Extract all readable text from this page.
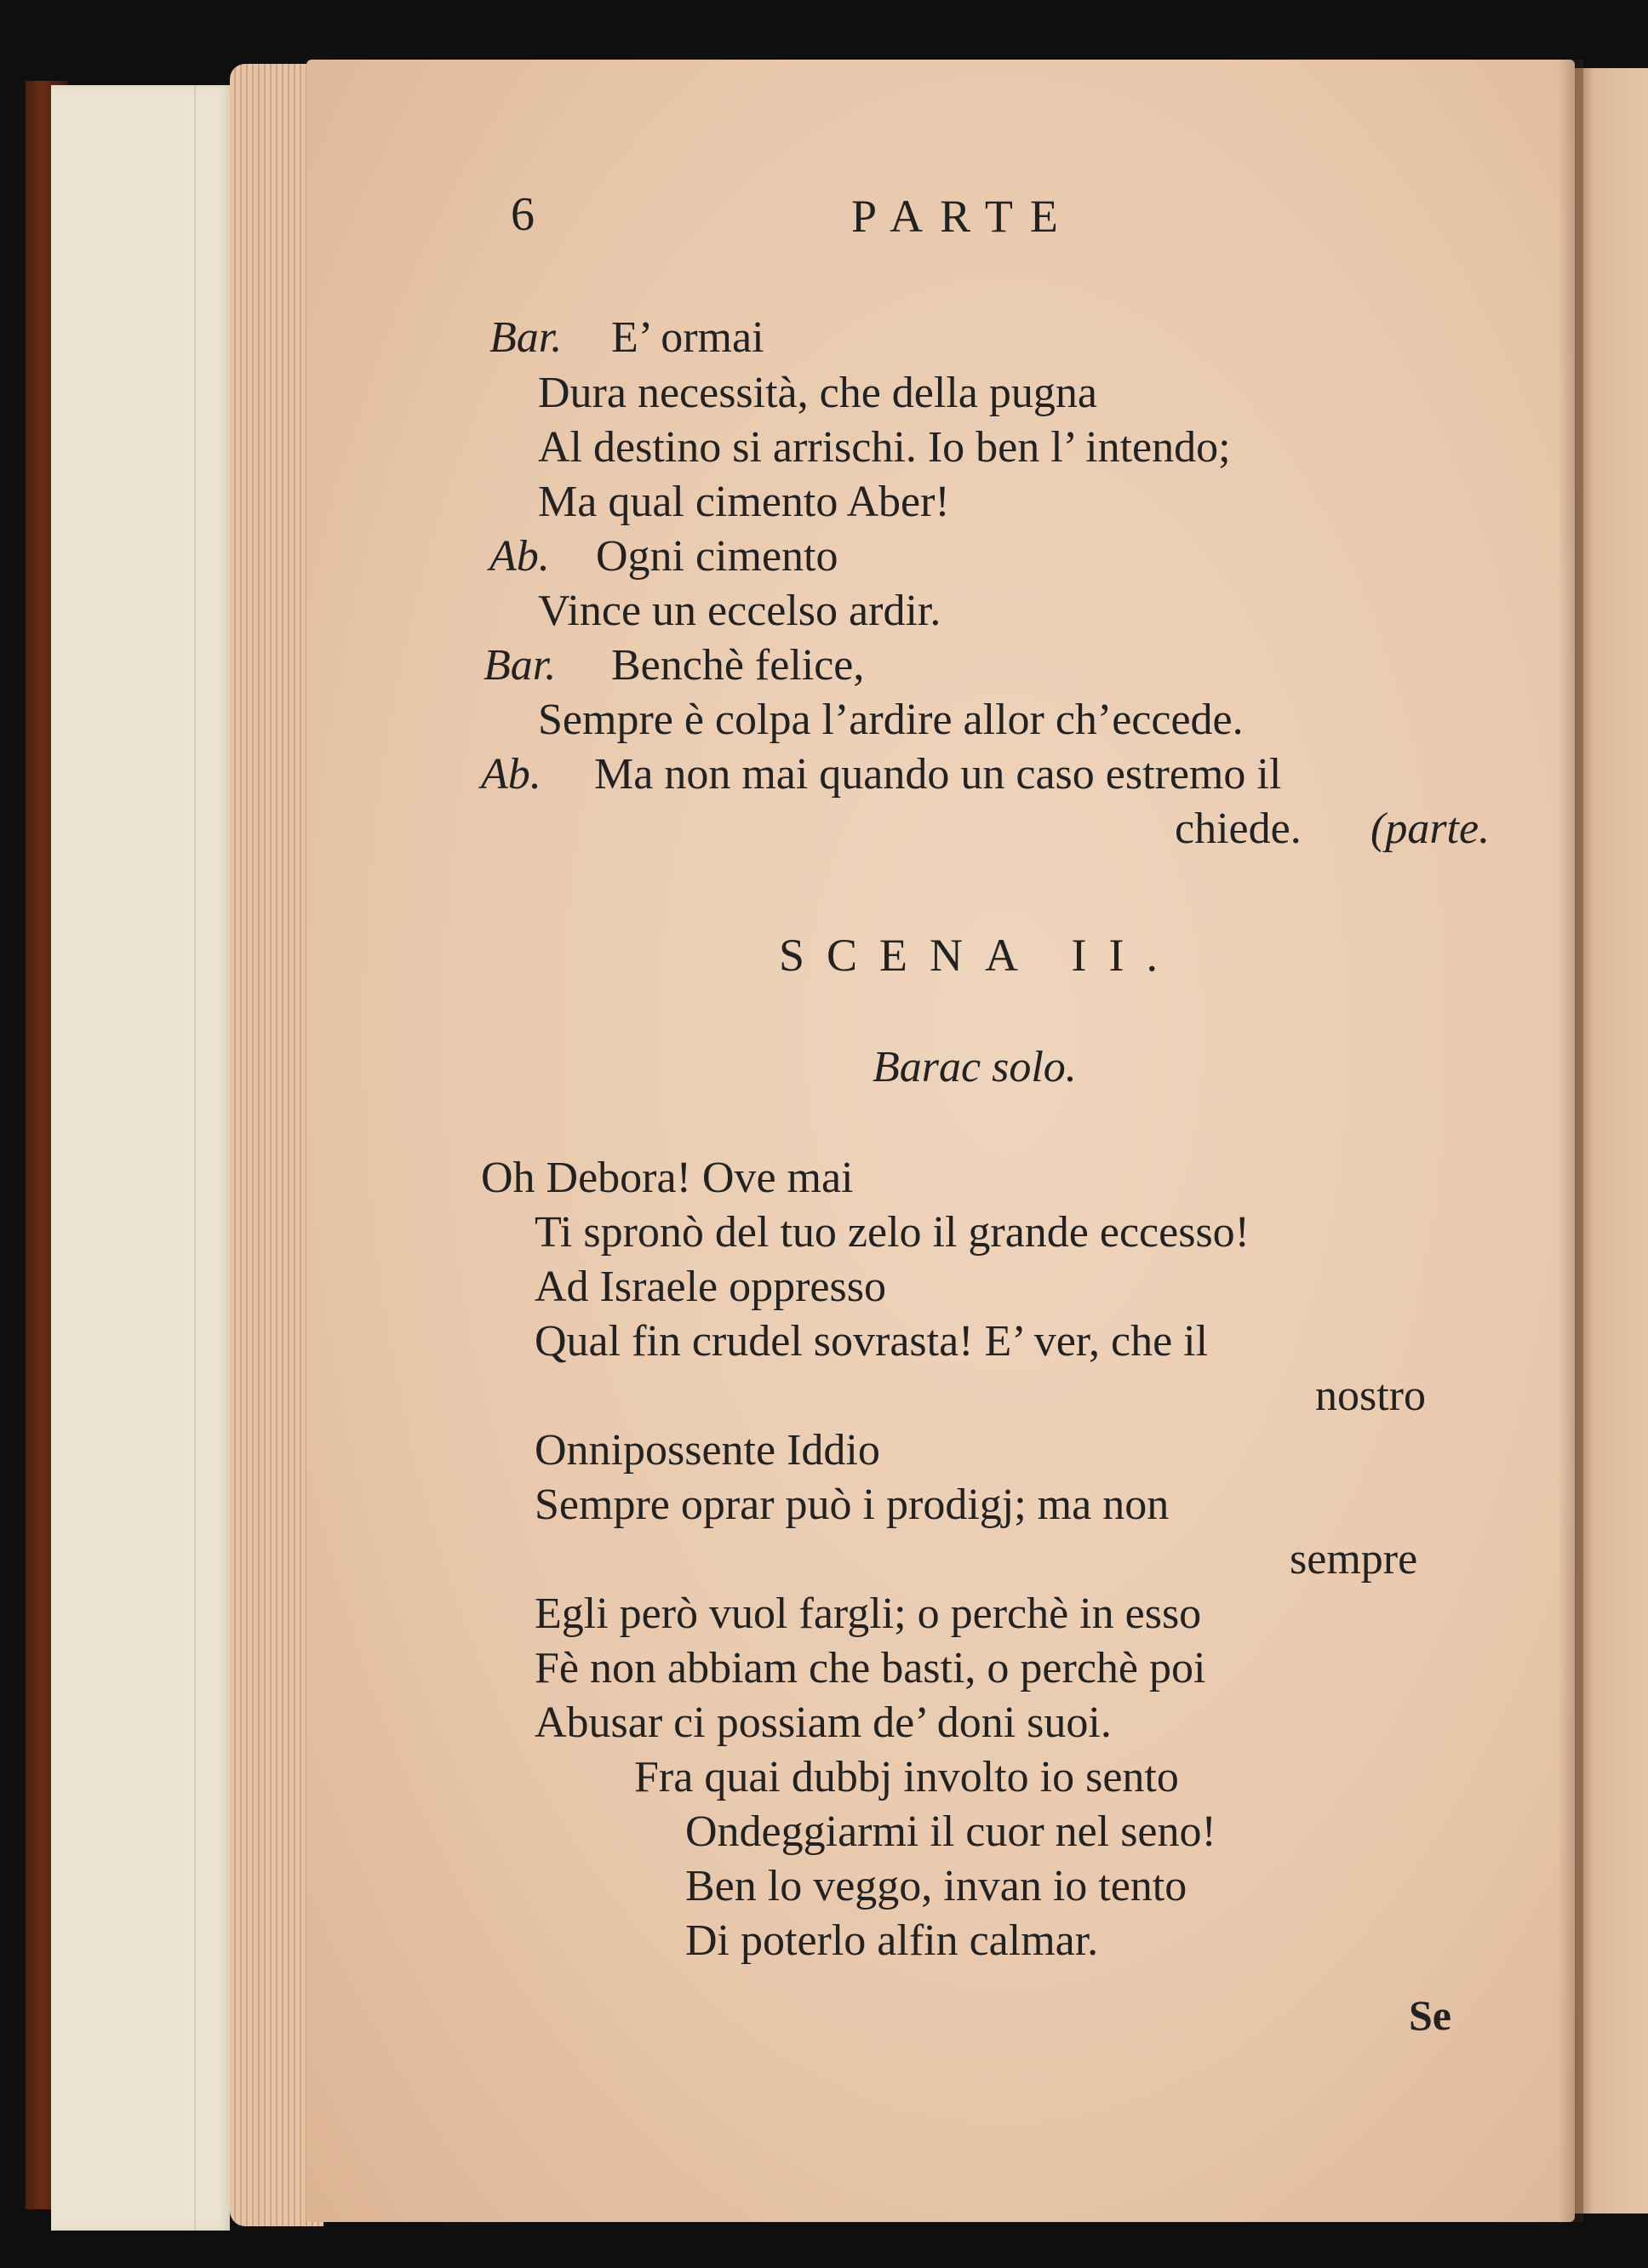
6	PARTE
Bar. E’ ormai
Dura necessità, che della pugna
Al destino si arrischi. Io ben l’ intendo;
Ma qual cimento Aber!
Ab. Ogni cimento
Vince un eccelso ardir.
Bar. Benchè felice,
Sempre è colpa l’ardire allor ch’eccede.
Ab. Ma non mai quando un caso estremo il
chiede. (parte.
SCENA II.
Barac solo.
Oh Debora! Ove mai
Ti spronò del tuo zelo il grande eccesso!
Ad Israele oppresso
Qual fin crudel sovrasta! E’ ver, che il
nostro
Onnipossente Iddio
Sempre oprar può i prodigj; ma non
sempre
Egli però vuol fargli; o perchè in esso
Fè non abbiam che basti, o perchè poi
Abusar ci possiam de’ doni suoi.
Fra quai dubbj involto io sento
Ondeggiarmi il cuor nel seno!
Ben lo veggo, invan io tento
Di poterlo alfin calmar.
Se
